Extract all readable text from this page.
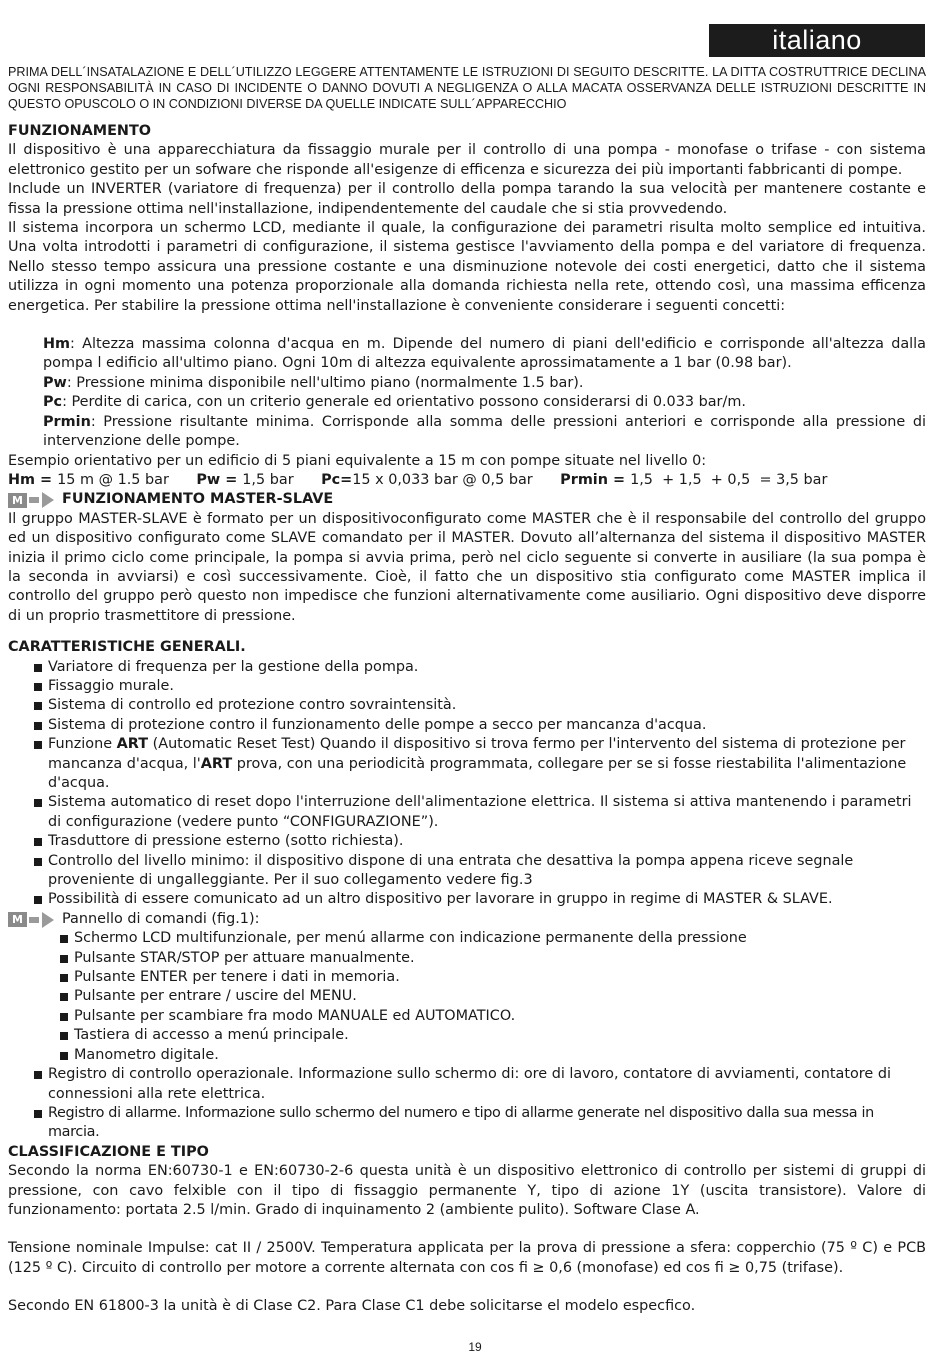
italiano
PRIMA DELL´INSATALAZIONE E DELL´UTILIZZO LEGGERE ATTENTAMENTE LE ISTRUZIONI DI SEGUITO DESCRITTE. LA DITTA COSTRUTTRICE DECLINA OGNI RESPONSABILITÀ IN CASO DI INCIDENTE O DANNO DOVUTI A NEGLIGENZA O ALLA MACATA OSSERVANZA DELLE ISTRUZIONI DESCRITTE IN QUESTO OPUSCOLO O IN CONDIZIONI DIVERSE DA QUELLE INDICATE SULL´APPARECCHIO
FUNZIONAMENTO

Il dispositivo è una apparecchiatura da fissaggio murale per il controllo di una pompa - monofase o trifase - con sistema elettronico gestito per un sofware che risponde all'esigenze di efficenza e sicurezza dei più importanti fabbricanti di pompe.

Include un INVERTER (variatore di frequenza) per il controllo della pompa tarando la sua velocità per mantenere costante e fissa la pressione ottima nell'installazione, indipendentemente del caudale che si stia provvedendo.

Il sistema incorpora un schermo LCD, mediante il quale, la configurazione dei parametri risulta molto semplice ed intuitiva. Una volta introdotti i parametri di configurazione, il sistema gestisce l'avviamento della pompa e del variatore di frequenza. Nello stesso tempo assicura una pressione costante e una disminuzione notevole dei costi energetici, datto che il sistema utilizza in ogni momento una potenza proporzionale alla domanda richiesta nella rete, ottendo così, una massima efficenza energetica. Per stabilire la pressione ottima nell'installazione è conveniente considerare i seguenti concetti:

Hm: Altezza massima colonna d'acqua en m. Dipende del numero di piani dell'edificio e corrisponde all'altezza dalla pompa l edificio all'ultimo piano. Ogni 10m di altezza equivalente aprossimatamente a 1 bar (0.98 bar).

Pw: Pressione minima disponibile nell'ultimo piano (normalmente 1.5 bar).

Pc: Perdite di carica, con un criterio generale ed orientativo possono considerarsi di 0.033 bar/m.

Prmin: Pressione risultante minima. Corrisponde alla somma delle pressioni anteriori e corrisponde alla pressione di intervenzione delle pompe.

Esempio orientativo per un edificio di 5 piani equivalente a 15 m con pompe situate nel livello 0:

Hm = 15 m @ 1.5 bar Pw = 1,5 bar Pc=15 x 0,033 bar @ 0,5 bar Prmin = 1,5  + 1,5  + 0,5  = 3,5 bar

M	FUNZIONAMENTO MASTER-SLAVE

Il gruppo MASTER-SLAVE è formato per un dispositivoconfigurato come MASTER che è il responsabile del controllo del gruppo ed un dispositivo configurato come SLAVE comandato per il MASTER. Dovuto all’alternanza del sistema il dispositivo MASTER inizia il primo ciclo come principale, la pompa si avvia prima, però nel ciclo seguente si converte in ausiliare (la sua pompa è la seconda in avviarsi) e così successivamente. Cioè, il fatto che un dispositivo stia configurato come MASTER implica il controllo del gruppo però questo non impedisce che funzioni alternativamente come ausiliario. Ogni dispositivo deve disporre di un proprio trasmettitore di pressione.

CARATTERISTICHE GENERALI.
Variatore di frequenza per la gestione della pompa.
Fissaggio murale.
Sistema di controllo ed protezione contro sovraintensità.
Sistema di protezione contro il funzionamento delle pompe a secco per mancanza d'acqua.
Funzione ART (Automatic Reset Test) Quando il dispositivo si trova fermo per l'intervento del sistema di protezione per mancanza d'acqua, l'ART prova, con una periodicità programmata, collegare per se si fosse riestabilita l'alimentazione d'acqua.
Sistema automatico di reset dopo l'interruzione dell'alimentazione elettrica. Il sistema si attiva mantenendo i parametri di configurazione (vedere punto “CONFIGURAZIONE”).
Trasduttore di pressione esterno (sotto richiesta).
Controllo del livello minimo: il dispositivo dispone di una entrata che desattiva la pompa appena riceve segnale proveniente di ungalleggiante. Per il suo collegamento vedere fig.3
Possibilità di essere comunicato ad un altro dispositivo per lavorare in gruppo in regime di MASTER & SLAVE.
M	Pannello di comandi (fig.1):
Schermo LCD multifunzionale, per menú allarme con indicazione permanente della pressione
Pulsante STAR/STOP per attuare manualmente.
Pulsante ENTER per tenere i dati in memoria.
Pulsante per entrare / uscire del MENU.
Pulsante per scambiare fra modo MANUALE ed AUTOMATICO.
Tastiera di accesso a menú principale.
Manometro digitale.
Registro di controllo operazionale. Informazione sullo schermo di: ore di lavoro, contatore di avviamenti, contatore di connessioni alla rete elettrica.
Registro di allarme. Informazione sullo schermo del numero e tipo di allarme generate nel dispositivo dalla sua messa in marcia.
CLASSIFICAZIONE E TIPO

Secondo la norma EN:60730-1 e EN:60730-2-6 questa unità è un dispositivo elettronico di controllo per sistemi di gruppi di pressione, con cavo felxible con il tipo di fissaggio permanente Y, tipo di azione 1Y (uscita transistore). Valore di funzionamento: portata 2.5 l/min. Grado di inquinamento 2 (ambiente pulito). Software Clase A.

Tensione nominale Impulse: cat II / 2500V. Temperatura applicata per la prova di pressione a sfera: copperchio (75 º C) e PCB (125 º C). Circuito di controllo per motore a corrente alternata con cos fi ≥ 0,6 (monofase) ed cos fi ≥ 0,75 (trifase).

Secondo EN 61800-3 la unità è di Clase C2. Para Clase C1 debe solicitarse el modelo especfico.

19
